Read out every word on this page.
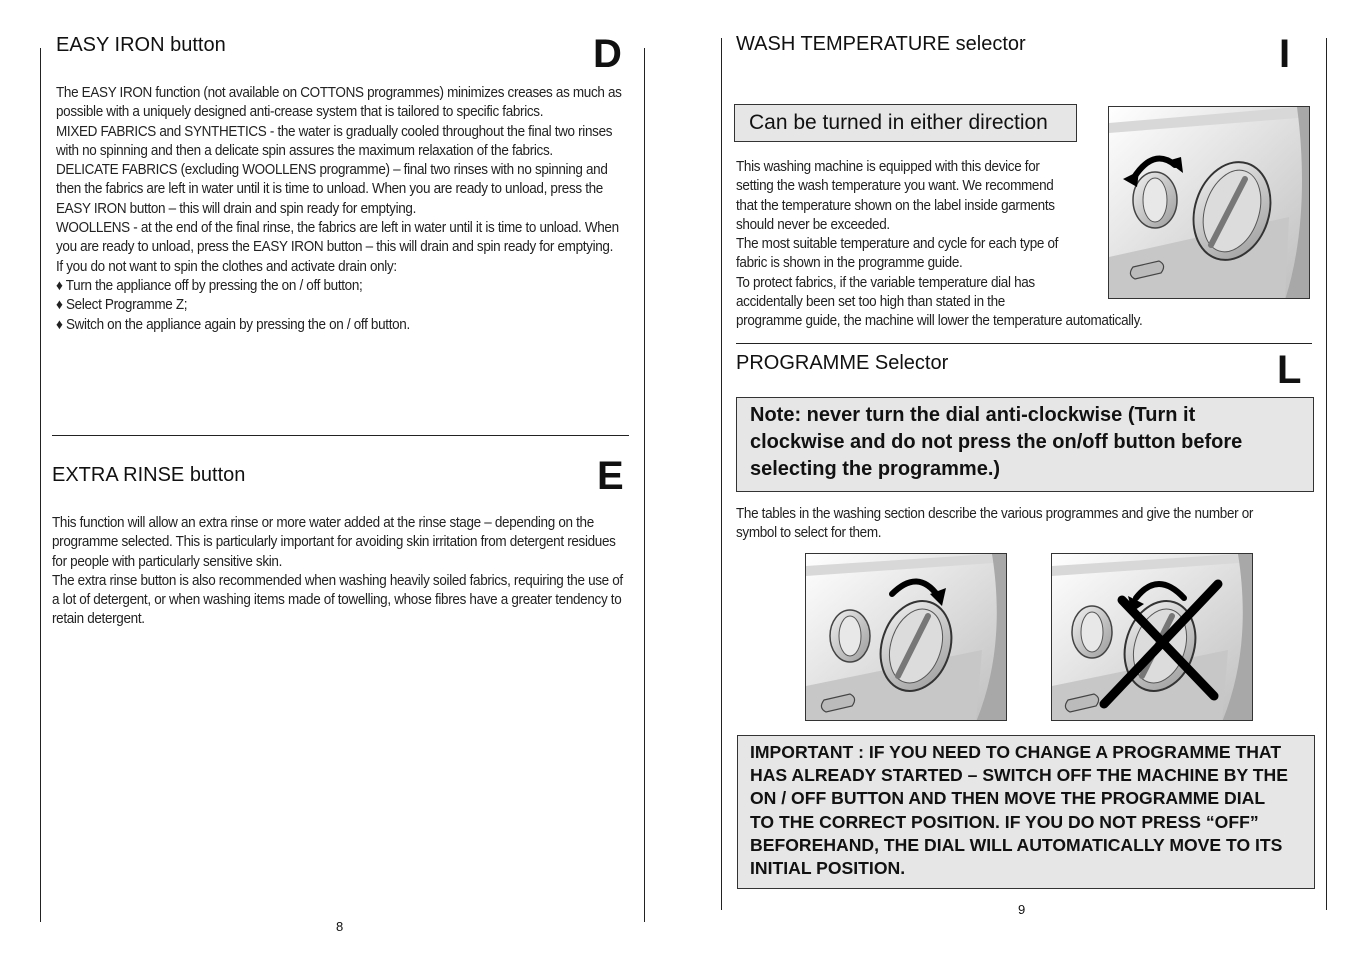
EASY IRON button	D

The EASY IRON function (not available on COTTONS programmes) minimizes creases as much as possible with a uniquely designed anti-crease system that is tailored to specific fabrics.

MIXED FABRICS and SYNTHETICS - the water is gradually cooled throughout the final two rinses with no spinning and then a delicate spin assures the maximum relaxation of the fabrics.

DELICATE FABRICS (excluding WOOLLENS programme) – final two rinses with no spinning and then the fabrics are left in water until it is time to unload. When you are ready to unload, press the EASY IRON button – this will drain and spin ready for emptying.

WOOLLENS - at the end of the final rinse, the fabrics are left in water until it is time to unload. When you are ready to unload, press the EASY IRON button – this will drain and spin ready for emptying.

If you do not want to spin the clothes and activate drain only:

♦ Turn the appliance off by pressing the on / off button;

♦ Select Programme Z;

♦ Switch on the appliance again by pressing the on / off button.

EXTRA RINSE button	E

This function will allow an extra rinse or more water added at the rinse stage – depending on the programme selected. This is particularly important for avoiding skin irritation from detergent residues for people with particularly sensitive skin.

The extra rinse button is also recommended when washing heavily soiled fabrics, requiring the use of a lot of detergent, or when washing items made of towelling, whose fibres have a greater tendency to retain detergent.

8
WASH TEMPERATURE selector	I
Can be turned in either direction
This washing machine is equipped with this device for
setting the wash temperature you want. We recommend
that the temperature shown on the label inside garments
should never be exceeded.
The most suitable temperature and cycle for each type of
fabric is shown in the programme guide.
To protect fabrics, if the variable temperature dial has
accidentally been set too high than stated in the
programme guide, the machine will lower the temperature automatically.
PROGRAMME Selector	L
Note: never turn the dial anti-clockwise (Turn it
clockwise and do not press the on/off button before
selecting the programme.)
The tables in the washing section describe the various programmes and give the number or
symbol to select for them.
IMPORTANT : IF YOU NEED TO CHANGE A PROGRAMME THAT
HAS ALREADY STARTED – SWITCH OFF THE MACHINE BY THE
ON / OFF BUTTON AND THEN MOVE THE PROGRAMME DIAL
TO THE CORRECT POSITION. IF YOU DO NOT PRESS “OFF”
BEFOREHAND, THE DIAL WILL AUTOMATICALLY MOVE TO ITS
INITIAL POSITION.
9
